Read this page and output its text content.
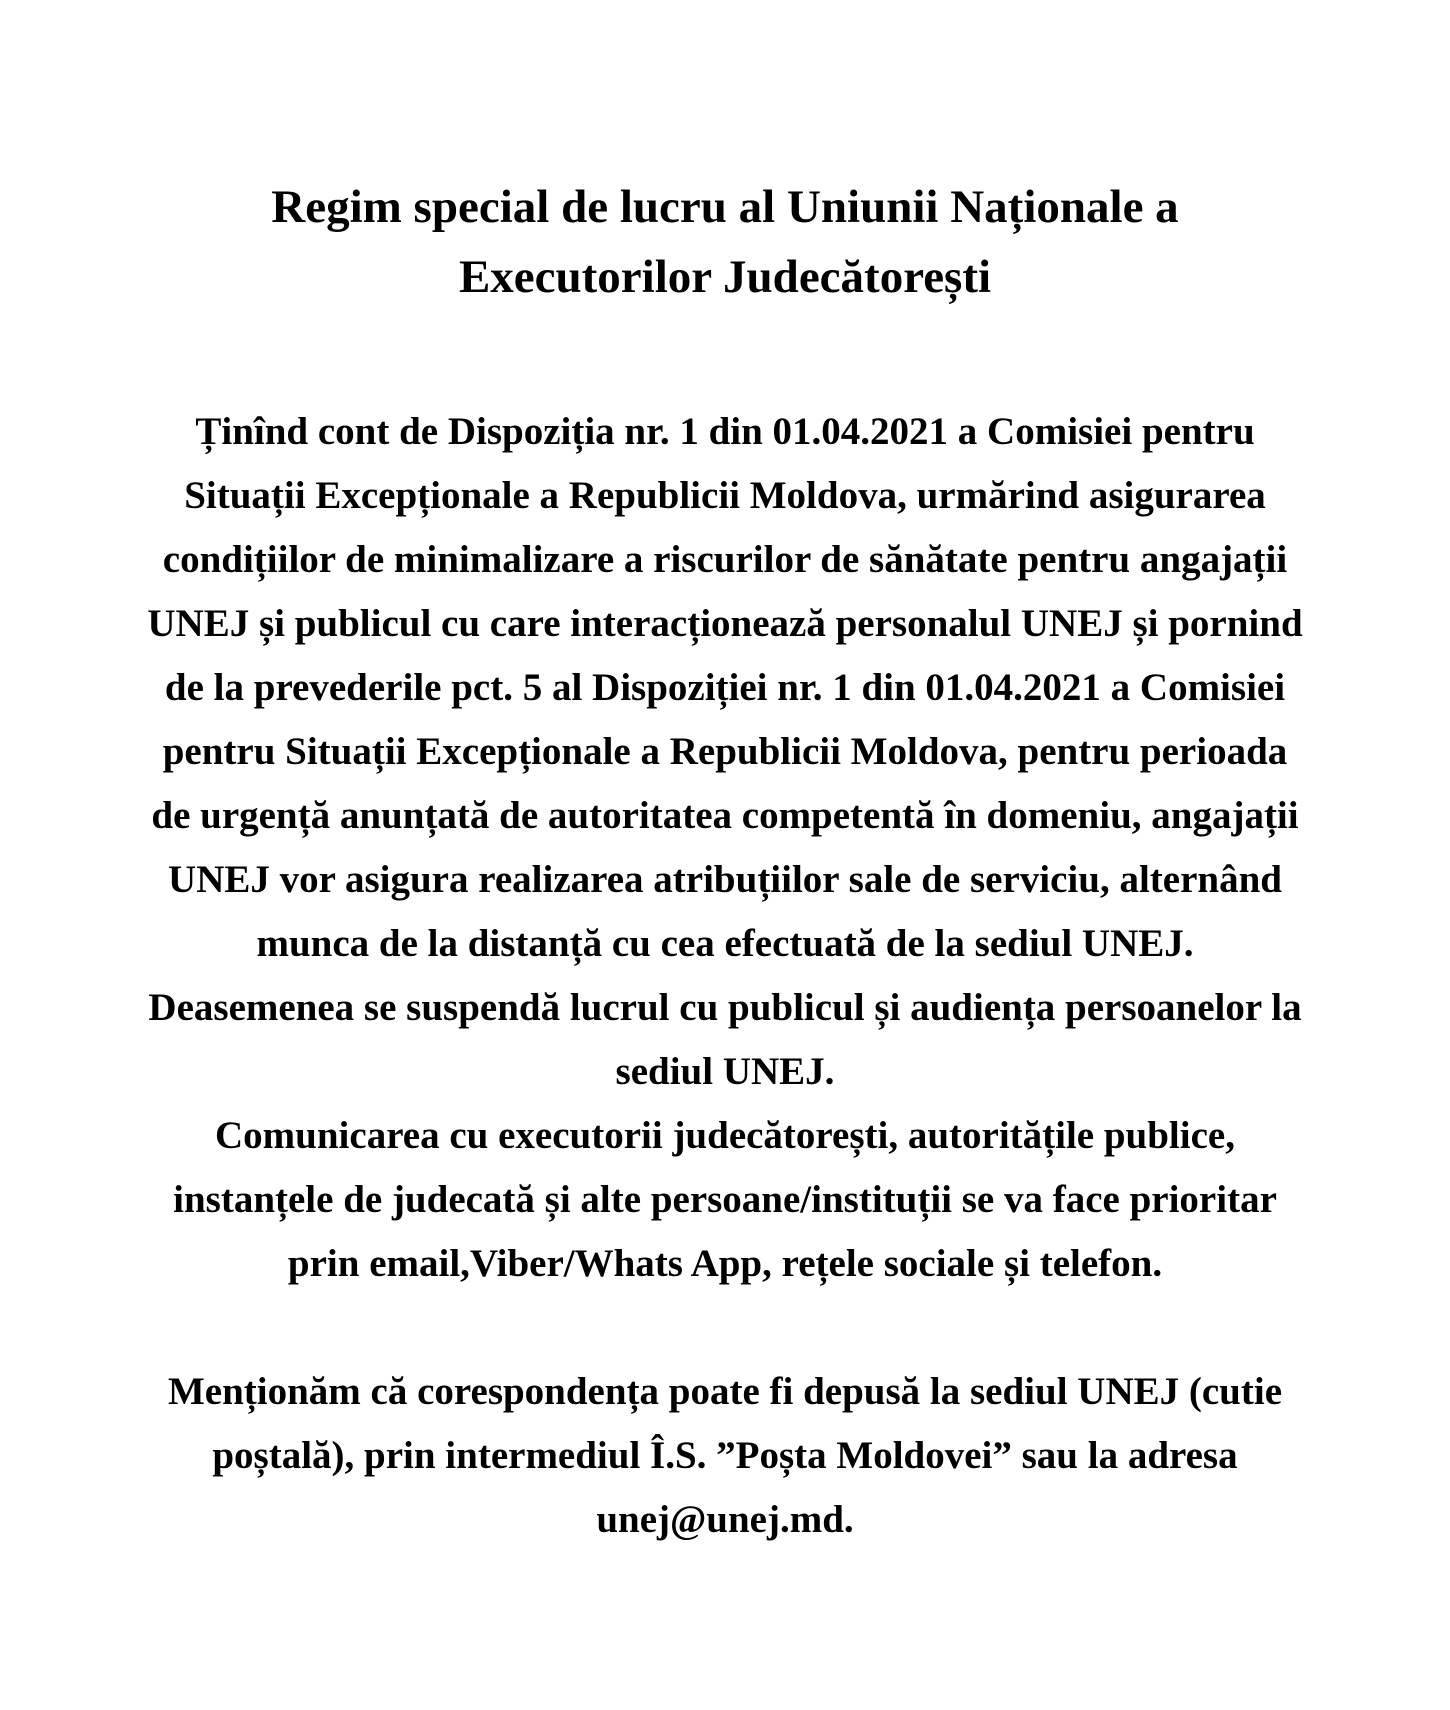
Regim special de lucru al Uniunii Naționale a
Executorilor Judecătorești
Ținînd cont de Dispoziția nr. 1 din 01.04.2021 a Comisiei pentru
Situații Excepționale a Republicii Moldova, urmărind asigurarea
condițiilor de minimalizare a riscurilor de sănătate pentru angajații
UNEJ și publicul cu care interacționează personalul UNEJ și pornind
de la prevederile pct. 5 al Dispoziției nr. 1 din 01.04.2021 a Comisiei
pentru Situații Excepționale a Republicii Moldova, pentru perioada
de urgență anunțată de autoritatea competentă în domeniu, angajații
UNEJ vor asigura realizarea atribuțiilor sale de serviciu, alternând
munca de la distanță cu cea efectuată de la sediul UNEJ.
Deasemenea se suspendă lucrul cu publicul și audiența persoanelor la
sediul UNEJ.
Comunicarea cu executorii judecătorești, autoritățile publice,
instanțele de judecată și alte persoane/instituții se va face prioritar
prin email,Viber/Whats App, rețele sociale și telefon.
Menționăm că corespondența poate fi depusă la sediul UNEJ (cutie
poștală), prin intermediul Î.S. ”Poșta Moldovei” sau la adresa
unej@unej.md.
